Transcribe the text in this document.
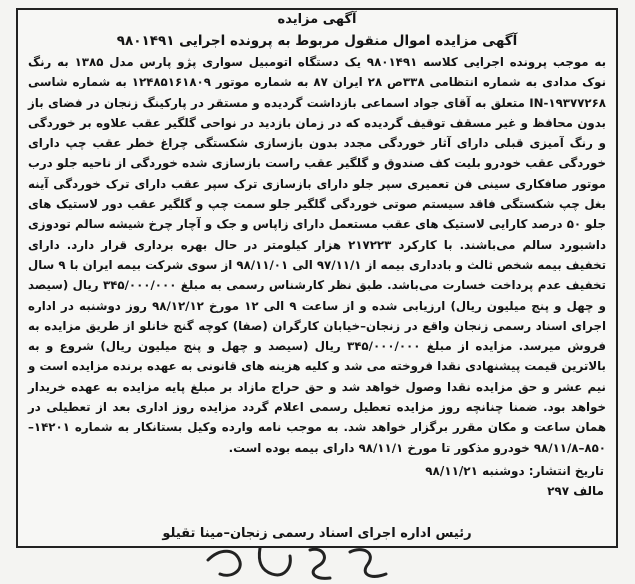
آگهی مزایده
آگهی مزایده اموال منقول مربوط به پرونده اجرایی ۹۸۰۱۴۹۱
به موجب پرونده اجرایی کلاسه ۹۸۰۱۴۹۱ یک دستگاه اتومبیل سواری پژو پارس مدل ۱۳۸۵ به رنگ نوک مدادی به شماره انتظامی ۳۳۸ص ۲۸ ایران ۸۷ به شماره موتور ۱۲۴۸۵۱۶۱۸۰۹ به شماره شاسی IN-۱۹۳۷۷۲۶۸ متعلق به آقای جواد اسماعی بازداشت گردیده و مستقر در پارکینگ زنجان در فضای باز بدون محافظ و غیر مسقف توقیف گردیده که در زمان بازدید در نواحی گلگیر عقب علاوه بر خوردگی و رنگ آمیزی قبلی دارای آثار خوردگی مجدد بدون بازسازی شکستگی چراغ خطر عقب چپ دارای خوردگی عقب خودرو بلیت کف صندوق و گلگیر عقب راست بازسازی شده خوردگی از ناحیه جلو درب موتور صافکاری سینی فن تعمیری سپر جلو دارای بازسازی ترک سپر عقب دارای ترک خوردگی آینه بغل چپ شکستگی فاقد سیستم صوتی خوردگی گلگیر جلو سمت چپ و گلگیر عقب دور لاستیک های جلو ۵۰ درصد کارایی لاستیک های عقب مستعمل دارای زاپاس و جک و آچار چرخ شیشه سالم تودوزی داشبورد سالم می‌باشند. با کارکرد ۲۱۷۲۲۳ هزار کیلومتر در حال بهره برداری قرار دارد. دارای تخفیف بیمه شخص ثالث و بادداری بیمه از ۹۷/۱۱/۱ الی ۹۸/۱۱/۰۱ از سوی شرکت بیمه ایران با ۹ سال تخفیف عدم پرداخت خسارت می‌باشد. طبق نظر کارشناس رسمی به مبلغ ۳۴۵/۰۰۰/۰۰۰ ریال (سیصد و چهل و پنج میلیون ریال) ارزیابی شده و از ساعت ۹ الی ۱۲ مورخ ۹۸/۱۲/۱۲ روز دوشنبه در اداره اجرای اسناد رسمی زنجان واقع در زنجان–خیابان کارگران (صفا) کوچه گنج خانلو از طریق مزایده به فروش میرسد. مزایده از مبلغ ۳۴۵/۰۰۰/۰۰۰ ریال (سیصد و چهل و پنج میلیون ریال) شروع و به بالاترین قیمت پیشنهادی نقدا فروخته می شد و کلیه هزینه های قانونی به عهده برنده مزایده است و نیم عشر و حق مزایده نقدا وصول خواهد شد و حق حراج مازاد بر مبلغ پایه مزایده به عهده خریدار خواهد بود. ضمنا چنانچه روز مزایده تعطیل رسمی اعلام گردد مزایده روز اداری بعد از تعطیلی در همان ساعت و مکان مقرر برگزار خواهد شد. به موجب نامه وارده وکیل بستانکار به شماره ۱۴۲۰۱–۸۵۰–۹۸/۱۱/۸ خودرو مذکور تا مورخ ۹۸/۱۱/۱ دارای بیمه بوده است.
تاریخ انتشار: دوشنبه ۹۸/۱۱/۲۱
مالف ۲۹۷
رئیس اداره اجرای اسناد رسمی زنجان–مینا تقیلو
